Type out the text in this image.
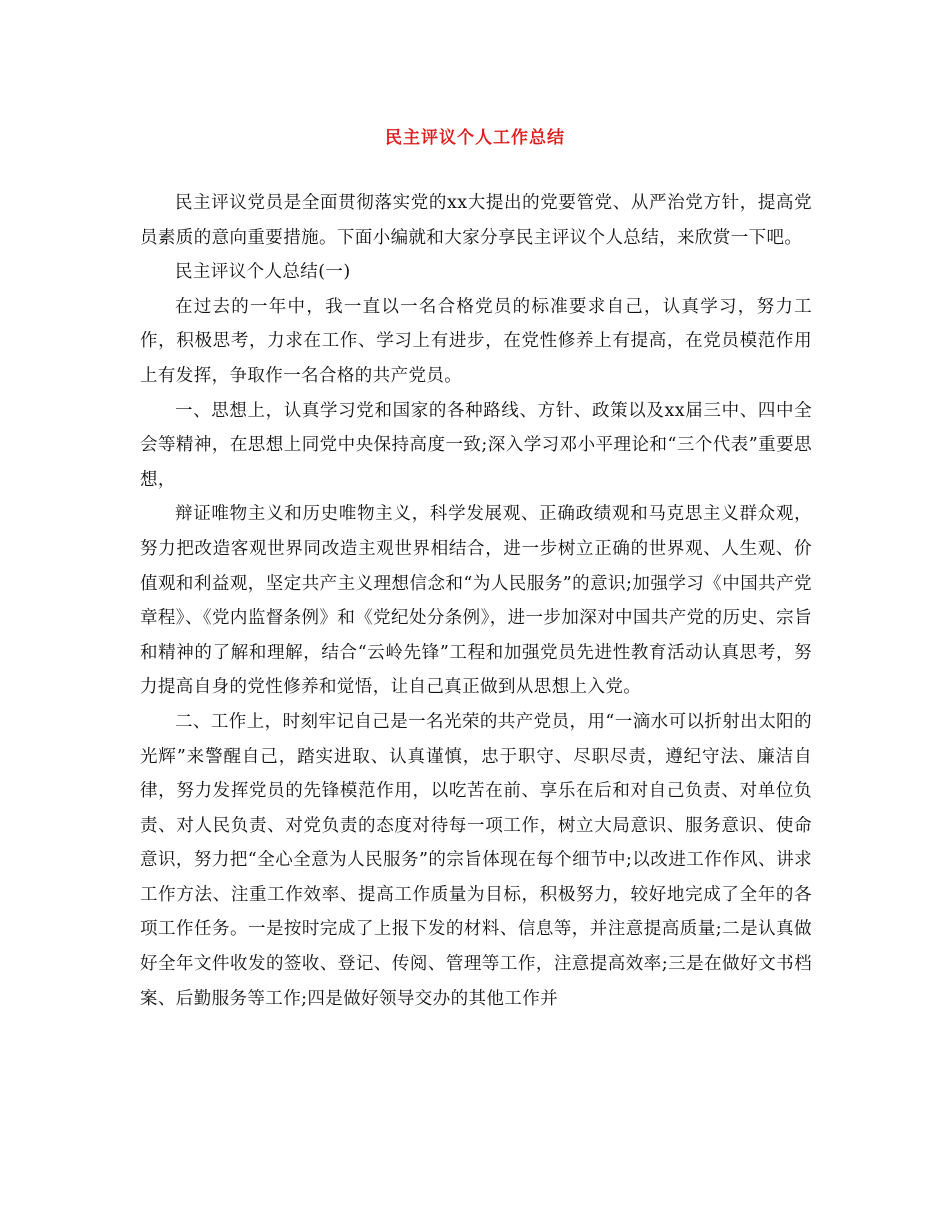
民主评议个人工作总结

民主评议党员是全面贯彻落实党的xx大提出的党要管党、从严治党方针，提高党员素质的意向重要措施。下面小编就和大家分享民主评议个人总结，来欣赏一下吧。

民主评议个人总结(一)

在过去的一年中，我一直以一名合格党员的标准要求自己，认真学习，努力工作，积极思考，力求在工作、学习上有进步，在党性修养上有提高，在党员模范作用上有发挥，争取作一名合格的共产党员。

一、思想上，认真学习党和国家的各种路线、方针、政策以及xx届三中、四中全会等精神，在思想上同党中央保持高度一致;深入学习邓小平理论和“三个代表”重要思想，

辩证唯物主义和历史唯物主义，科学发展观、正确政绩观和马克思主义群众观，努力把改造客观世界同改造主观世界相结合，进一步树立正确的世界观、人生观、价值观和利益观，坚定共产主义理想信念和“为人民服务”的意识;加强学习《中国共产党章程》、《党内监督条例》和《党纪处分条例》，进一步加深对中国共产党的历史、宗旨和精神的了解和理解，结合“云岭先锋”工程和加强党员先进性教育活动认真思考，努力提高自身的党性修养和觉悟，让自己真正做到从思想上入党。

二、工作上，时刻牢记自己是一名光荣的共产党员，用“一滴水可以折射出太阳的光辉”来警醒自己，踏实进取、认真谨慎，忠于职守、尽职尽责，遵纪守法、廉洁自律，努力发挥党员的先锋模范作用，以吃苦在前、享乐在后和对自己负责、对单位负责、对人民负责、对党负责的态度对待每一项工作，树立大局意识、服务意识、使命意识，努力把“全心全意为人民服务”的宗旨体现在每个细节中;以改进工作作风、讲求工作方法、注重工作效率、提高工作质量为目标，积极努力，较好地完成了全年的各项工作任务。一是按时完成了上报下发的材料、信息等，并注意提高质量;二是认真做好全年文件收发的签收、登记、传阅、管理等工作，注意提高效率;三是在做好文书档案、后勤服务等工作;四是做好领导交办的其他工作并
